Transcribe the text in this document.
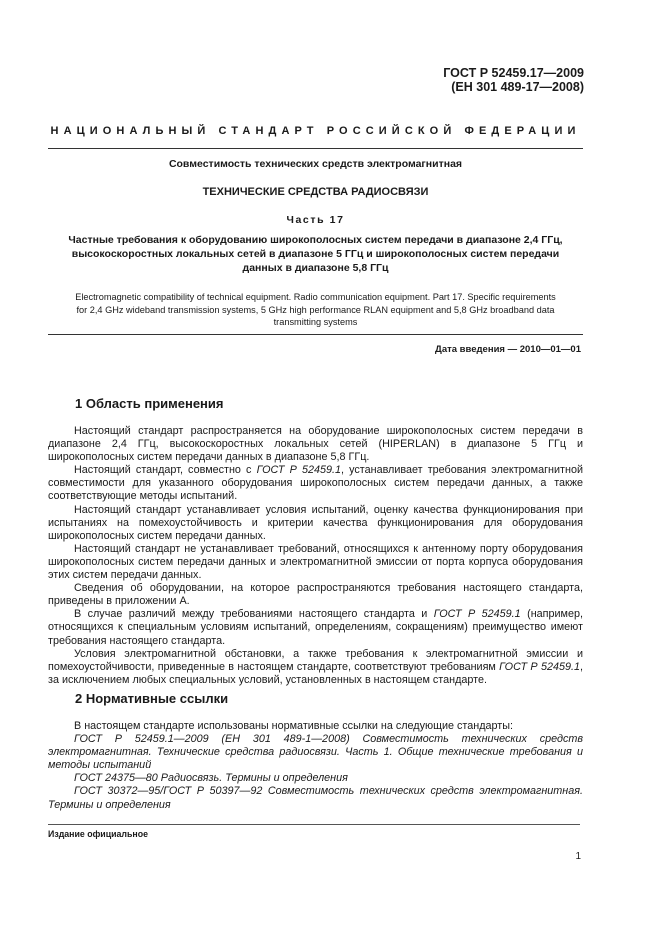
ГОСТ Р 52459.17—2009
(ЕН 301 489-17—2008)
НАЦИОНАЛЬНЫЙ СТАНДАРТ РОССИЙСКОЙ ФЕДЕРАЦИИ
Совместимость технических средств электромагнитная
ТЕХНИЧЕСКИЕ СРЕДСТВА РАДИОСВЯЗИ
Часть 17
Частные требования к оборудованию широкополосных систем передачи в диапазоне 2,4 ГГц,
высокоскоростных локальных сетей в диапазоне 5 ГГц и широкополосных систем передачи
данных в диапазоне 5,8 ГГц
Electromagnetic compatibility of technical equipment. Radio communication equipment. Part 17. Specific requirements
for 2,4 GHz wideband transmission systems, 5 GHz high performance RLAN equipment and 5,8 GHz broadband data
transmitting systems
Дата введения — 2010—01—01
1 Область применения

Настоящий стандарт распространяется на оборудование широкополосных систем передачи в диапазоне 2,4 ГГц, высокоскоростных локальных сетей (HIPERLAN) в диапазоне 5 ГГц и широкополосных систем передачи данных в диапазоне 5,8 ГГц.

Настоящий стандарт, совместно с ГОСТ Р 52459.1, устанавливает требования электромагнитной совместимости для указанного оборудования широкополосных систем передачи данных, а также соответствующие методы испытаний.

Настоящий стандарт устанавливает условия испытаний, оценку качества функционирования при испытаниях на помехоустойчивость и критерии качества функционирования для оборудования широкополосных систем передачи данных.

Настоящий стандарт не устанавливает требований, относящихся к антенному порту оборудования широкополосных систем передачи данных и электромагнитной эмиссии от порта корпуса оборудования этих систем передачи данных.

Сведения об оборудовании, на которое распространяются требования настоящего стандарта, приведены в приложении А.

В случае различий между требованиями настоящего стандарта и ГОСТ Р 52459.1 (например, относящихся к специальным условиям испытаний, определениям, сокращениям) преимущество имеют требования настоящего стандарта.

Условия электромагнитной обстановки, а также требования к электромагнитной эмиссии и помехоустойчивости, приведенные в настоящем стандарте, соответствуют требованиям ГОСТ Р 52459.1, за исключением любых специальных условий, установленных в настоящем стандарте.

2 Нормативные ссылки

В настоящем стандарте использованы нормативные ссылки на следующие стандарты:

ГОСТ Р 52459.1—2009 (ЕН 301 489-1—2008) Совместимость технических средств электромагнитная. Технические средства радиосвязи. Часть 1. Общие технические требования и методы испытаний

ГОСТ 24375—80 Радиосвязь. Термины и определения

ГОСТ 30372—95/ГОСТ Р 50397—92 Совместимость технических средств электромагнитная. Термины и определения

Издание официальное
1
